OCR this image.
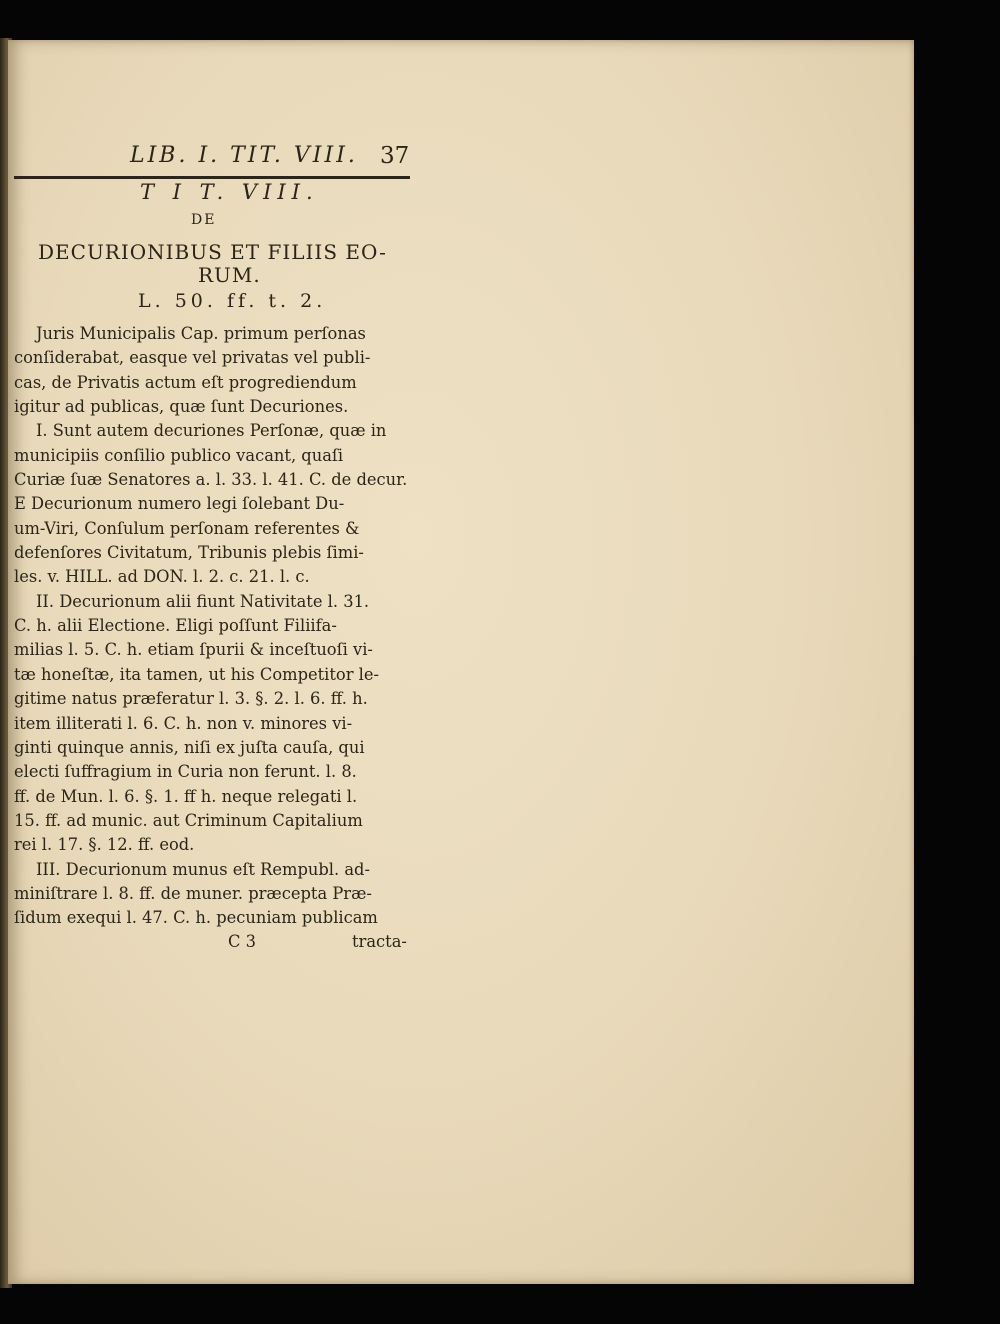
LIB. I. TIT. VIII. 37
T I T. VIII.
DE
DECURIONIBUS ET FILIIS EO-
RUM.
L. 50. ff. t. 2.
Juris Municipalis Cap. primum perſonas
conſiderabat, easque vel privatas vel publi-
cas, de Privatis actum eſt progrediendum
igitur ad publicas, quæ ſunt Decuriones.
I. Sunt autem decuriones Perſonæ, quæ in
municipiis conſilio publico vacant, quaſi
Curiæ ſuæ Senatores a. l. 33. l. 41. C. de decur.
E Decurionum numero legi ſolebant Du-
um-Viri, Conſulum perſonam referentes &
defenſores Civitatum, Tribunis plebis ſimi-
les. v. HILL. ad DON. l. 2. c. 21. l. c.
II. Decurionum alii fiunt Nativitate l. 31.
C. h. alii Electione. Eligi poſſunt Filiifa-
milias l. 5. C. h. etiam ſpurii & inceſtuoſi vi-
tæ honeſtæ, ita tamen, ut his Competitor le-
gitime natus præferatur l. 3. §. 2. l. 6. ff. h.
item illiterati l. 6. C. h. non v. minores vi-
ginti quinque annis, niſi ex juſta cauſa, qui
electi ſuffragium in Curia non ferunt. l. 8.
ff. de Mun. l. 6. §. 1. ff h. neque relegati l.
15. ff. ad munic. aut Criminum Capitalium
rei l. 17. §. 12. ff. eod.
III. Decurionum munus eſt Rempubl. ad-
miniſtrare l. 8. ff. de muner. præcepta Præ-
ſidum exequi l. 47. C. h. pecuniam publicam
C 3	tracta-
